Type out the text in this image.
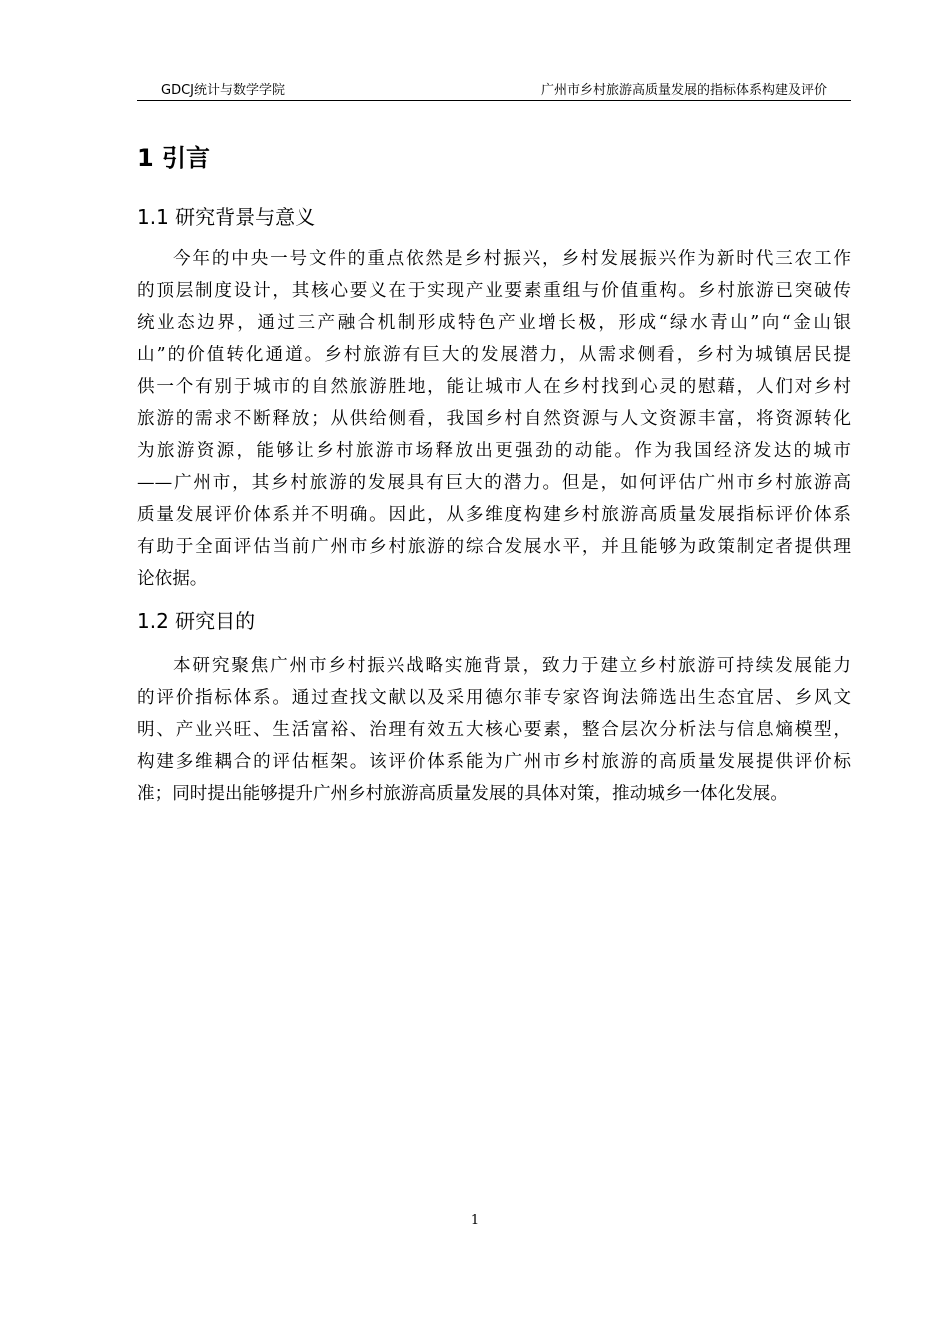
GDCJ统计与数学学院	广州市乡村旅游高质量发展的指标体系构建及评价
1 引言
1.1 研究背景与意义
今年的中央一号文件的重点依然是乡村振兴，乡村发展振兴作为新时代三农工作
的顶层制度设计，其核心要义在于实现产业要素重组与价值重构。乡村旅游已突破传
统业态边界，通过三产融合机制形成特色产业增长极，形成“绿水青山”向“金山银
山”的价值转化通道。乡村旅游有巨大的发展潜力，从需求侧看，乡村为城镇居民提
供一个有别于城市的自然旅游胜地，能让城市人在乡村找到心灵的慰藉，人们对乡村
旅游的需求不断释放；从供给侧看，我国乡村自然资源与人文资源丰富，将资源转化
为旅游资源，能够让乡村旅游市场释放出更强劲的动能。作为我国经济发达的城市
——广州市，其乡村旅游的发展具有巨大的潜力。但是，如何评估广州市乡村旅游高
质量发展评价体系并不明确。因此，从多维度构建乡村旅游高质量发展指标评价体系
有助于全面评估当前广州市乡村旅游的综合发展水平，并且能够为政策制定者提供理
论依据。
1.2 研究目的
本研究聚焦广州市乡村振兴战略实施背景，致力于建立乡村旅游可持续发展能力
的评价指标体系。通过查找文献以及采用德尔菲专家咨询法筛选出生态宜居、乡风文
明、产业兴旺、生活富裕、治理有效五大核心要素，整合层次分析法与信息熵模型，
构建多维耦合的评估框架。该评价体系能为广州市乡村旅游的高质量发展提供评价标
准；同时提出能够提升广州乡村旅游高质量发展的具体对策，推动城乡一体化发展。
1
